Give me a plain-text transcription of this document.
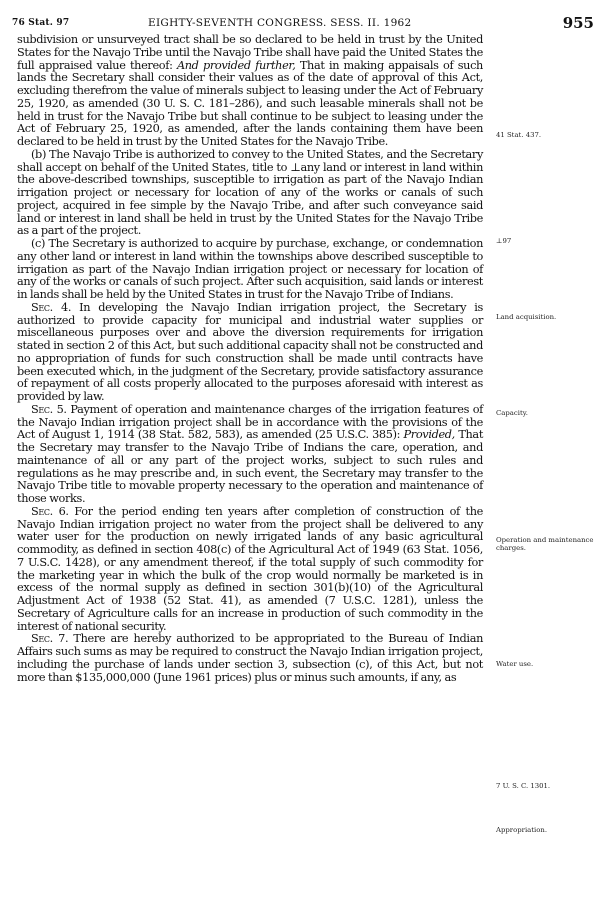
76 Stat. 97	EIGHTY-SEVENTH CONGRESS. SESS. II. 1962	955

subdivision or unsurveyed tract shall be so declared to be held in trust by the United States for the Navajo Tribe until the Navajo Tribe shall have paid the United States the full appraised value thereof: And provided further, That in making appaisals of such lands the Secretary shall consider their values as of the date of approval of this Act, excluding therefrom the value of minerals subject to leasing under the Act of February 25, 1920, as amended (30 U. S. C. 181–286), and such leasable minerals shall not be held in trust for the Navajo Tribe but shall continue to be subject to leasing under the Act of February 25, 1920, as amended, after the lands containing them have been declared to be held in trust by the United States for the Navajo Tribe.

(b) The Navajo Tribe is authorized to convey to the United States, and the Secretary shall accept on behalf of the United States, title to ⊥any land or interest in land within the above-described townships, susceptible to irrigation as part of the Navajo Indian irrigation project or necessary for location of any of the works or canals of such project, acquired in fee simple by the Navajo Tribe, and after such conveyance said land or interest in land shall be held in trust by the United States for the Navajo Tribe as a part of the project.

(c) The Secretary is authorized to acquire by purchase, exchange, or condemnation any other land or interest in land within the townships above described susceptible to irrigation as part of the Navajo Indian irrigation project or necessary for location of any of the works or canals of such project. After such acquisition, said lands or interest in lands shall be held by the United States in trust for the Navajo Tribe of Indians.

Sec. 4. In developing the Navajo Indian irrigation project, the Secretary is authorized to provide capacity for municipal and industrial water supplies or miscellaneous purposes over and above the diversion requirements for irrigation stated in section 2 of this Act, but such additional capacity shall not be constructed and no appropriation of funds for such construction shall be made until contracts have been executed which, in the judgment of the Secretary, provide satisfactory assurance of repayment of all costs properly allocated to the purposes aforesaid with interest as provided by law.

Sec. 5. Payment of operation and maintenance charges of the irrigation features of the Navajo Indian irrigation project shall be in accordance with the provisions of the Act of August 1, 1914 (38 Stat. 582, 583), as amended (25 U.S.C. 385): Provided, That the Secretary may transfer to the Navajo Tribe of Indians the care, operation, and maintenance of all or any part of the project works, subject to such rules and regulations as he may prescribe and, in such event, the Secretary may transfer to the Navajo Tribe title to movable property necessary to the operation and maintenance of those works.

Sec. 6. For the period ending ten years after completion of construction of the Navajo Indian irrigation project no water from the project shall be delivered to any water user for the production on newly irrigated lands of any basic agricultural commodity, as defined in section 408(c) of the Agricultural Act of 1949 (63 Stat. 1056, 7 U.S.C. 1428), or any amendment thereof, if the total supply of such commodity for the marketing year in which the bulk of the crop would normally be marketed is in excess of the normal supply as defined in section 301(b)(10) of the Agricultural Adjustment Act of 1938 (52 Stat. 41), as amended (7 U.S.C. 1281), unless the Secretary of Agriculture calls for an increase in production of such commodity in the interest of national security.

Sec. 7. There are hereby authorized to be appropriated to the Bureau of Indian Affairs such sums as may be required to construct the Navajo Indian irrigation project, including the purchase of lands under section 3, subsection (c), of this Act, but not more than $135,000,000 (June 1961 prices) plus or minus such amounts, if any, as

41 Stat. 437.
⊥97
Land acquisition.
Capacity.
Operation and maintenance charges.
Water use.
7 U. S. C. 1301.
Appropriation.
